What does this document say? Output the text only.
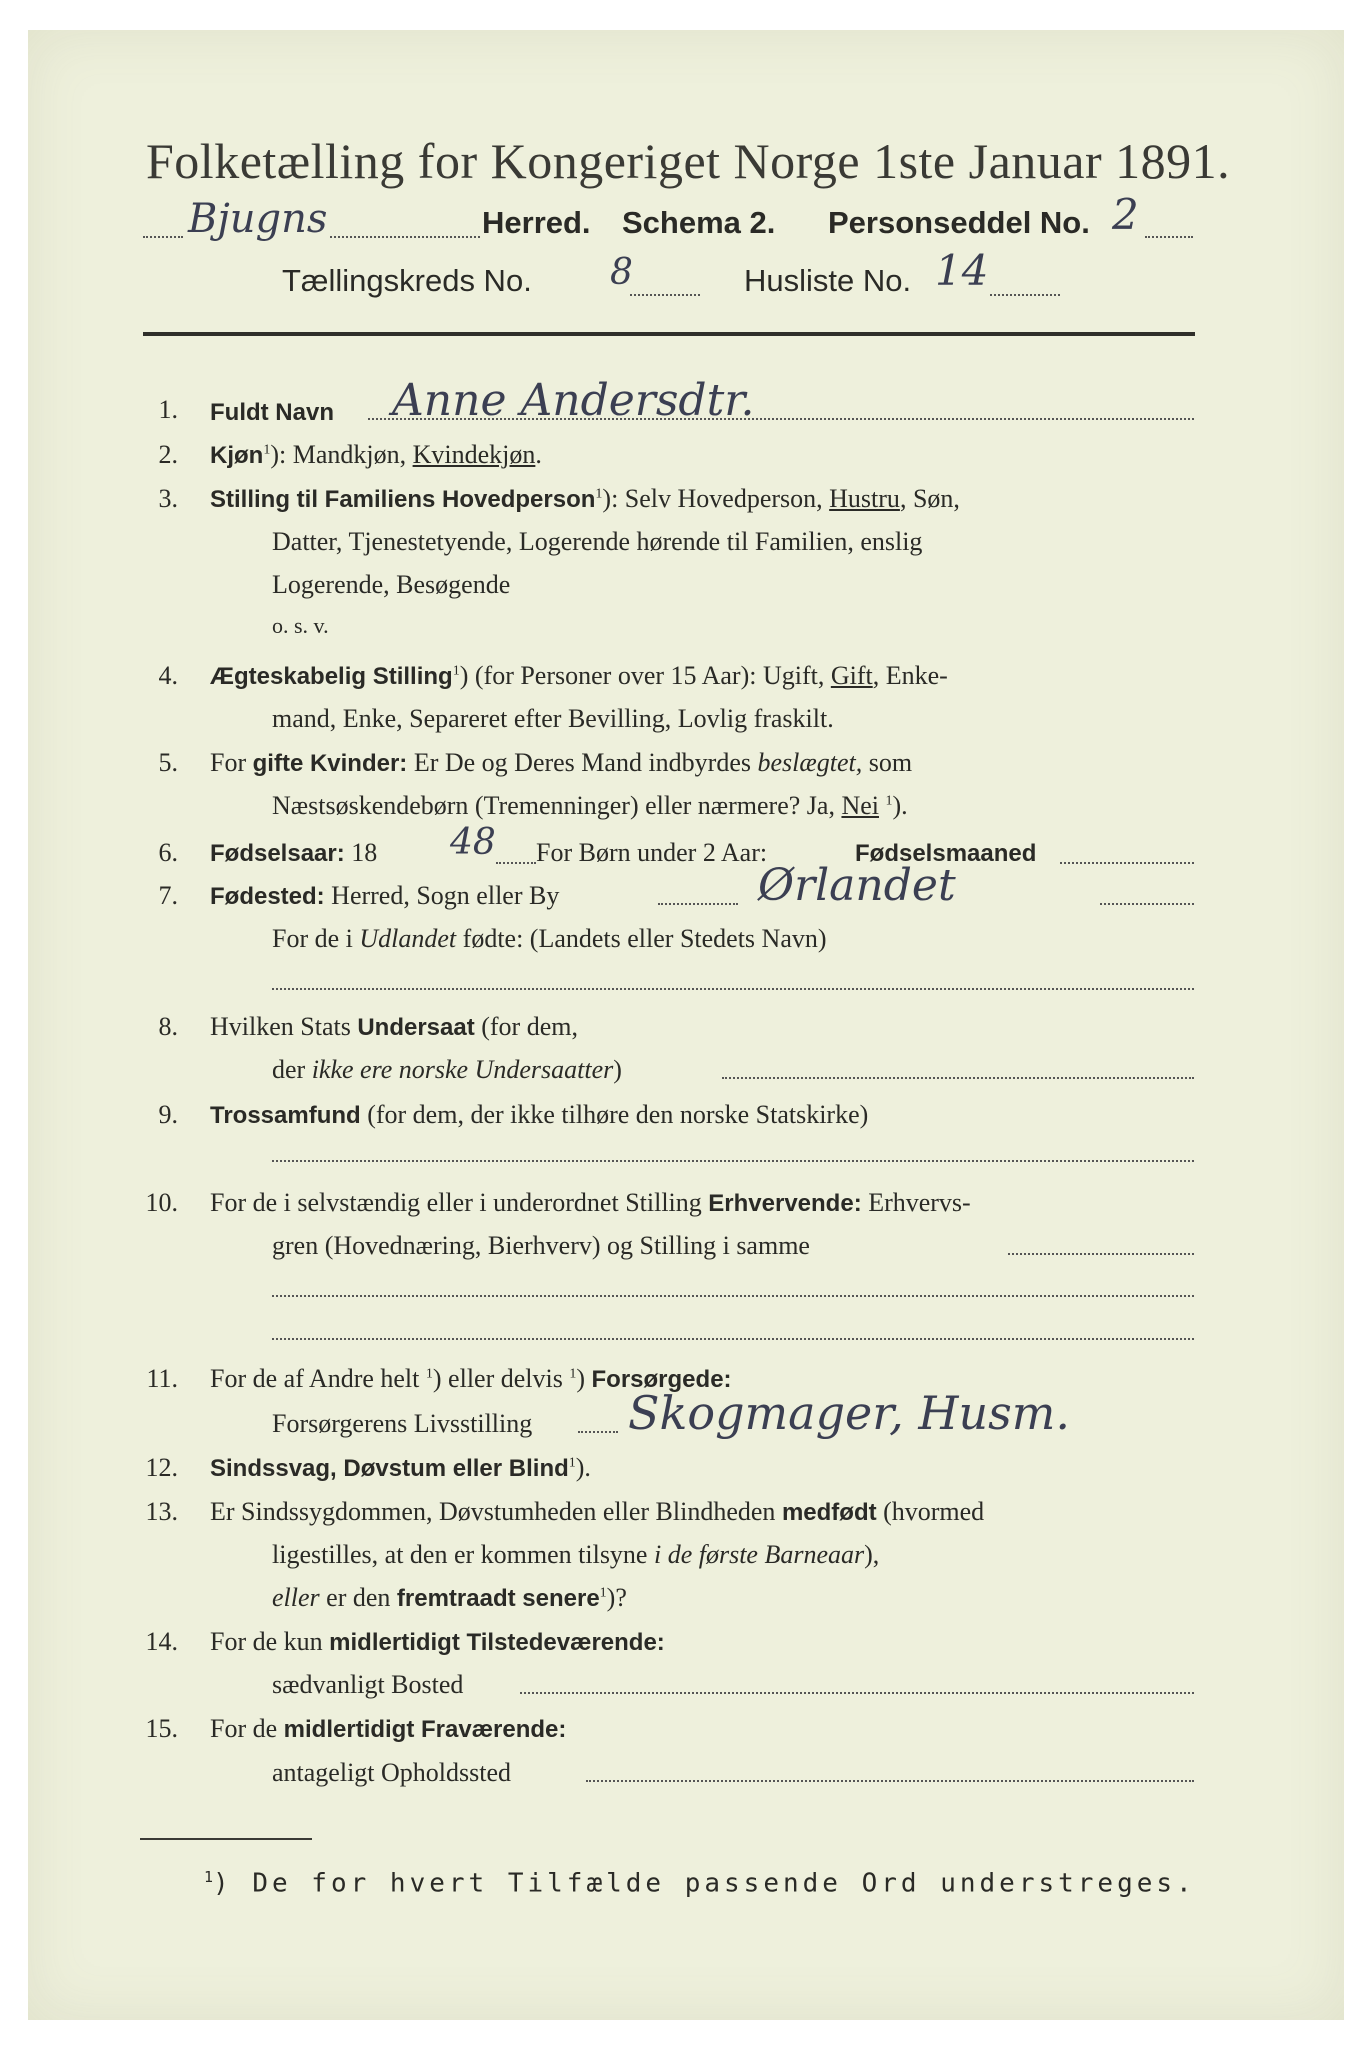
Folketælling for Kongeriget Norge 1ste Januar 1891.
Bjugns	Herred. Schema 2. Personseddel No. 2
Tællingskreds No. 8	Husliste No. 14
1. Fuldt Navn Anne Andersdtr.
2. Kjøn$^1$): Mandkjøn, Kvindekjøn.
3. Stilling til Familiens Hovedperson$^1$): Selv Hovedperson, Hustru, Søn,
Datter, Tjenestetyende, Logerende hørende til Familien, enslig
Logerende, Besøgende
o. s. v.
4. Ægteskabelig Stilling$^1$) (for Personer over 15 Aar): Ugift, Gift, Enke-
mand, Enke, Separeret efter Bevilling, Lovlig fraskilt.
5. For gifte Kvinder: Er De og Deres Mand indbyrdes beslægtet, som
Næstsøskendebørn (Tremenninger) eller nærmere? Ja, Nei $^1$).
6. Fødselsaar: 18 48 For Børn under 2 Aar:	Fødselsmaaned
7. Fødested: Herred, Sogn eller By	Ørlandet
For de i Udlandet fødte: (Landets eller Stedets Navn)
8. Hvilken Stats Undersaat (for dem,
der ikke ere norske Undersaatter)
9. Trossamfund (for dem, der ikke tilhøre den norske Statskirke)
10. For de i selvstændig eller i underordnet Stilling Erhvervende: Erhvervs-
gren (Hovednæring, Bierhverv) og Stilling i samme
11. For de af Andre helt $^1$) eller delvis $^1$) Forsørgede:
Forsørgerens Livsstilling Skogmager, Husm.
12. Sindssvag, Døvstum eller Blind$^1$).
13. Er Sindssygdommen, Døvstumheden eller Blindheden medfødt (hvormed
ligestilles, at den er kommen tilsyne i de første Barneaar),
eller er den fremtraadt senere$^1$)?
14. For de kun midlertidigt Tilstedeværende:
sædvanligt Bosted
15. For de midlertidigt Fraværende:
antageligt Opholdssted
$^1$) De for hvert Tilfælde passende Ord understreges.
